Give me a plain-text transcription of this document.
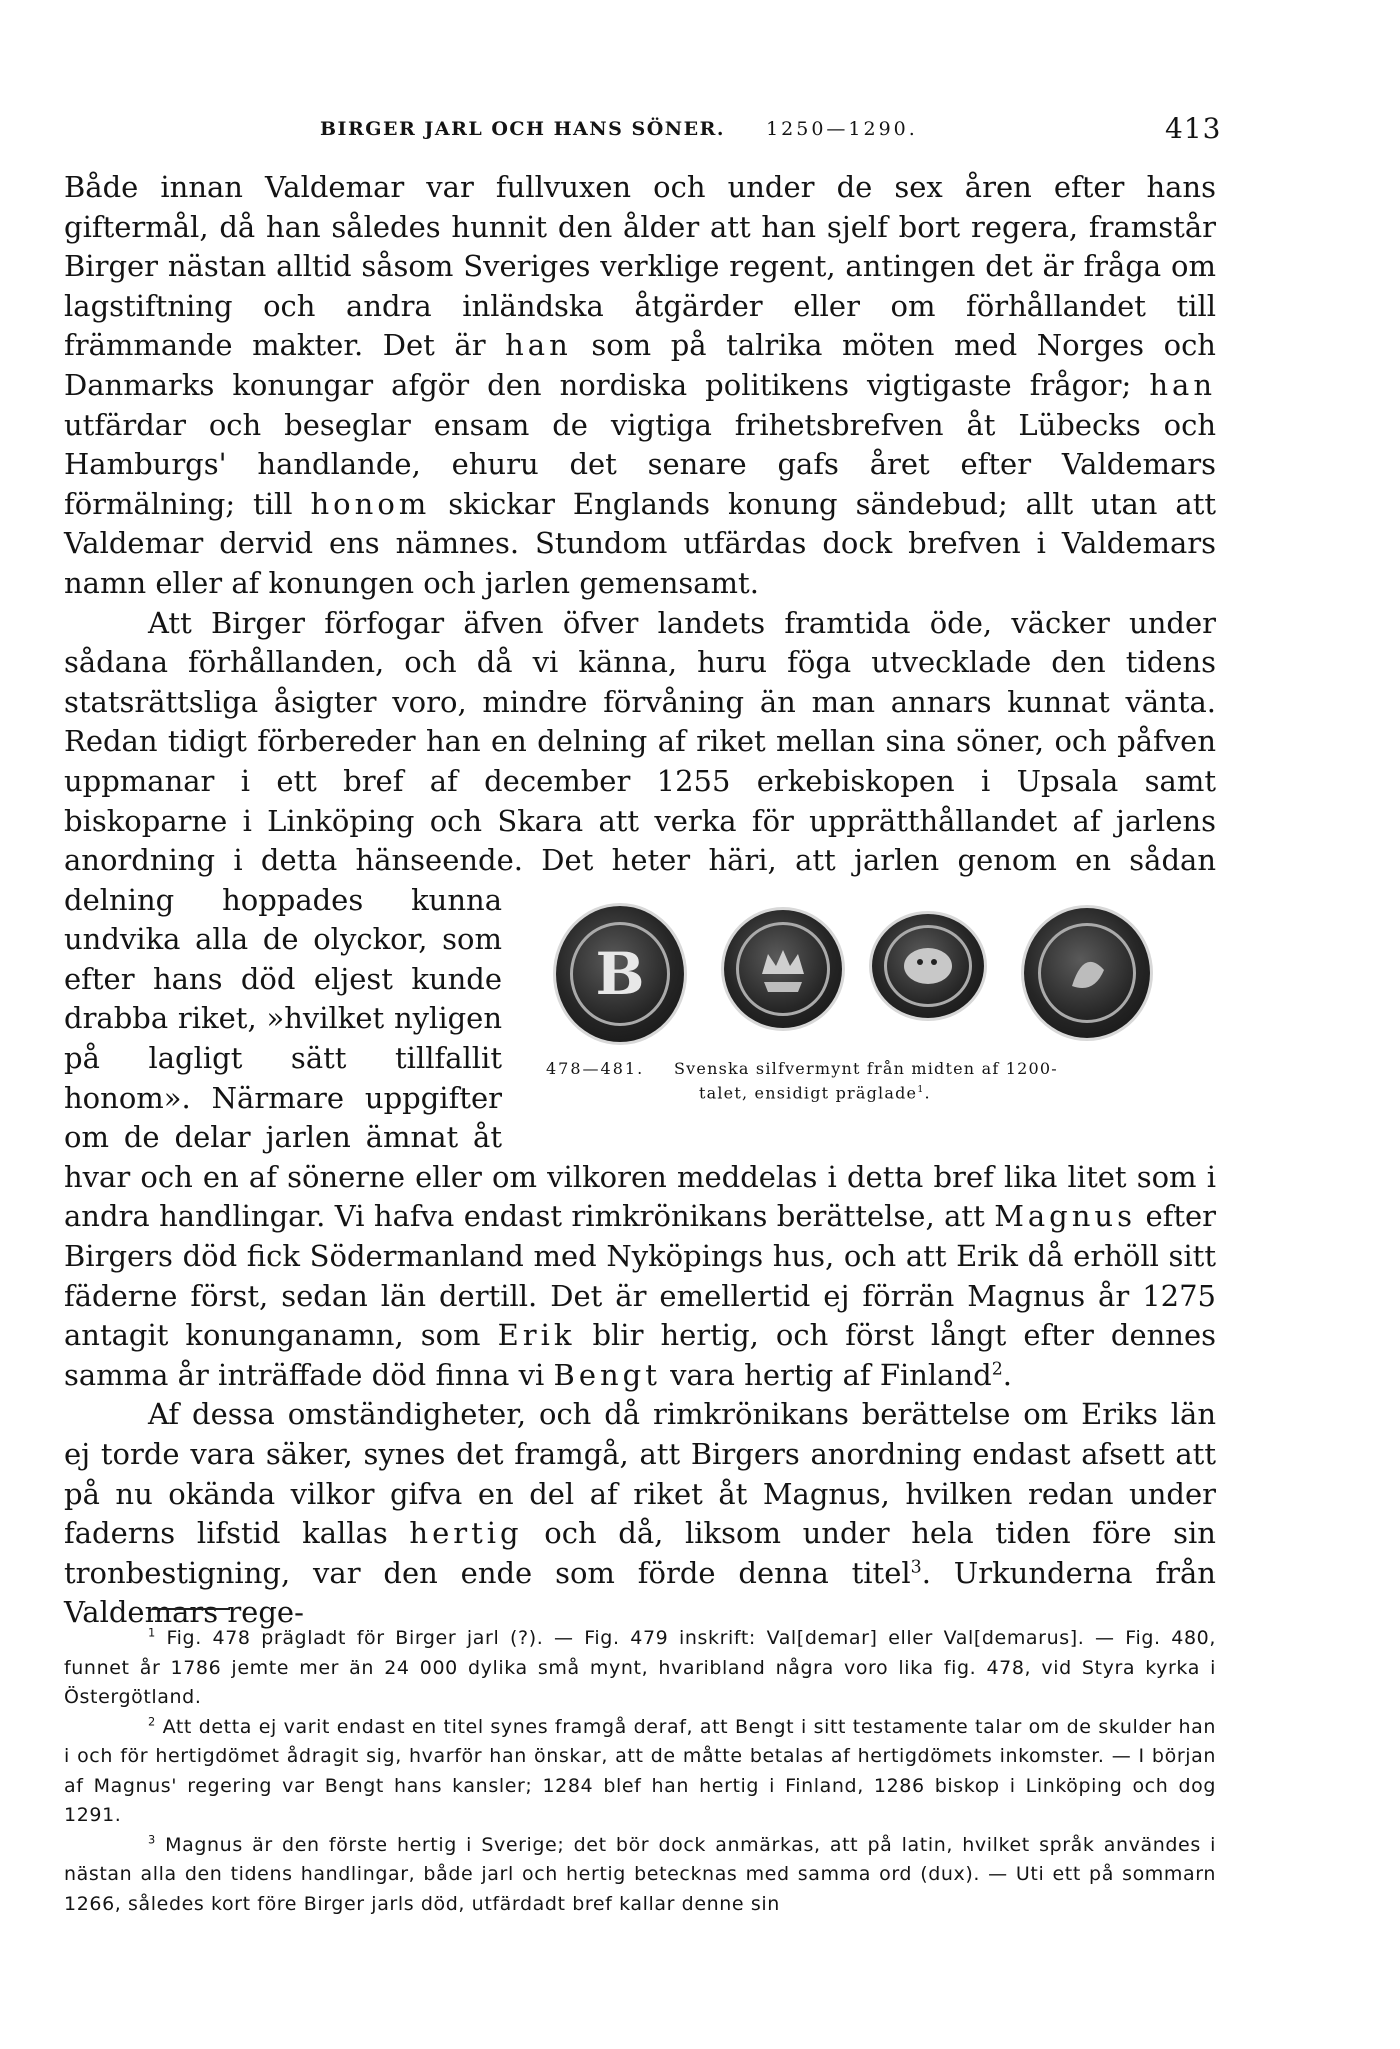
BIRGER JARL OCH HANS SÖNER. 1250—1290.	413

Både innan Valdemar var fullvuxen och under de sex åren efter hans giftermål, då han således hunnit den ålder att han sjelf bort regera, framstår Birger nästan alltid såsom Sveriges verklige regent, antingen det är fråga om lagstiftning och andra inländska åtgärder eller om förhållandet till främmande makter. Det är han som på talrika möten med Norges och Danmarks konungar afgör den nordiska politikens vigtigaste frågor; han utfärdar och beseglar ensam de vigtiga frihetsbrefven åt Lübecks och Hamburgs' handlande, ehuru det senare gafs året efter Valdemars förmälning; till honom skickar Englands konung sändebud; allt utan att Valdemar dervid ens nämnes. Stundom utfärdas dock brefven i Valdemars namn eller af konungen och jarlen gemensamt.

Att Birger förfogar äfven öfver landets framtida öde, väcker under sådana förhållanden, och då vi känna, huru föga utvecklade den tidens statsrättsliga åsigter voro, mindre förvåning än man annars kunnat vänta. Redan tidigt förbereder han en delning af riket mellan sina söner, och påfven uppmanar i ett bref af december 1255 erkebiskopen i Upsala samt biskoparne i Linköping och Skara att verka för upprätthållandet af jarlens anordning i detta hänseende. Det heter häri, att jarlen genom en sådan delning hoppades kunna undvika alla de olyckor, som efter hans död eljest kunde drabba riket, »hvilket nyligen på lagligt sätt tillfallit honom». Närmare uppgifter om de delar jarlen ämnat åt hvar och en af sönerne eller om vilkoren meddelas i detta bref lika litet som i andra handlingar. Vi hafva endast rimkrönikans berättelse, att Magnus efter Birgers död fick Södermanland med Nyköpings hus, och att Erik då erhöll sitt fäderne först, sedan län dertill. Det är emellertid ej förrän Magnus år 1275 antagit konunganamn, som Erik blir hertig, och först långt efter dennes samma år inträffade död finna vi Bengt vara hertig af Finland$^2$.

Af dessa omständigheter, och då rimkrönikans berättelse om Eriks län ej torde vara säker, synes det framgå, att Birgers anordning endast afsett att på nu okända vilkor gifva en del af riket åt Magnus, hvilken redan under faderns lifstid kallas hertig och då, liksom under hela tiden före sin tronbestigning, var den ende som förde denna titel$^3$. Urkunderna från Valdemars rege-

B
478—481. Svenska silfvermynt från midten af 1200-
talet, ensidigt präglade$^1$.

$^1$ Fig. 478 prägladt för Birger jarl (?). — Fig. 479 inskrift: Val[demar] eller Val[demarus]. — Fig. 480, funnet år 1786 jemte mer än 24 000 dylika små mynt, hvaribland några voro lika fig. 478, vid Styra kyrka i Östergötland.

$^2$ Att detta ej varit endast en titel synes framgå deraf, att Bengt i sitt testamente talar om de skulder han i och för hertigdömet ådragit sig, hvarför han önskar, att de måtte betalas af hertigdömets inkomster. — I början af Magnus' regering var Bengt hans kansler; 1284 blef han hertig i Finland, 1286 biskop i Linköping och dog 1291.

$^3$ Magnus är den förste hertig i Sverige; det bör dock anmärkas, att på latin, hvilket språk användes i nästan alla den tidens handlingar, både jarl och hertig betecknas med samma ord (dux). — Uti ett på sommarn 1266, således kort före Birger jarls död, utfärdadt bref kallar denne sin
